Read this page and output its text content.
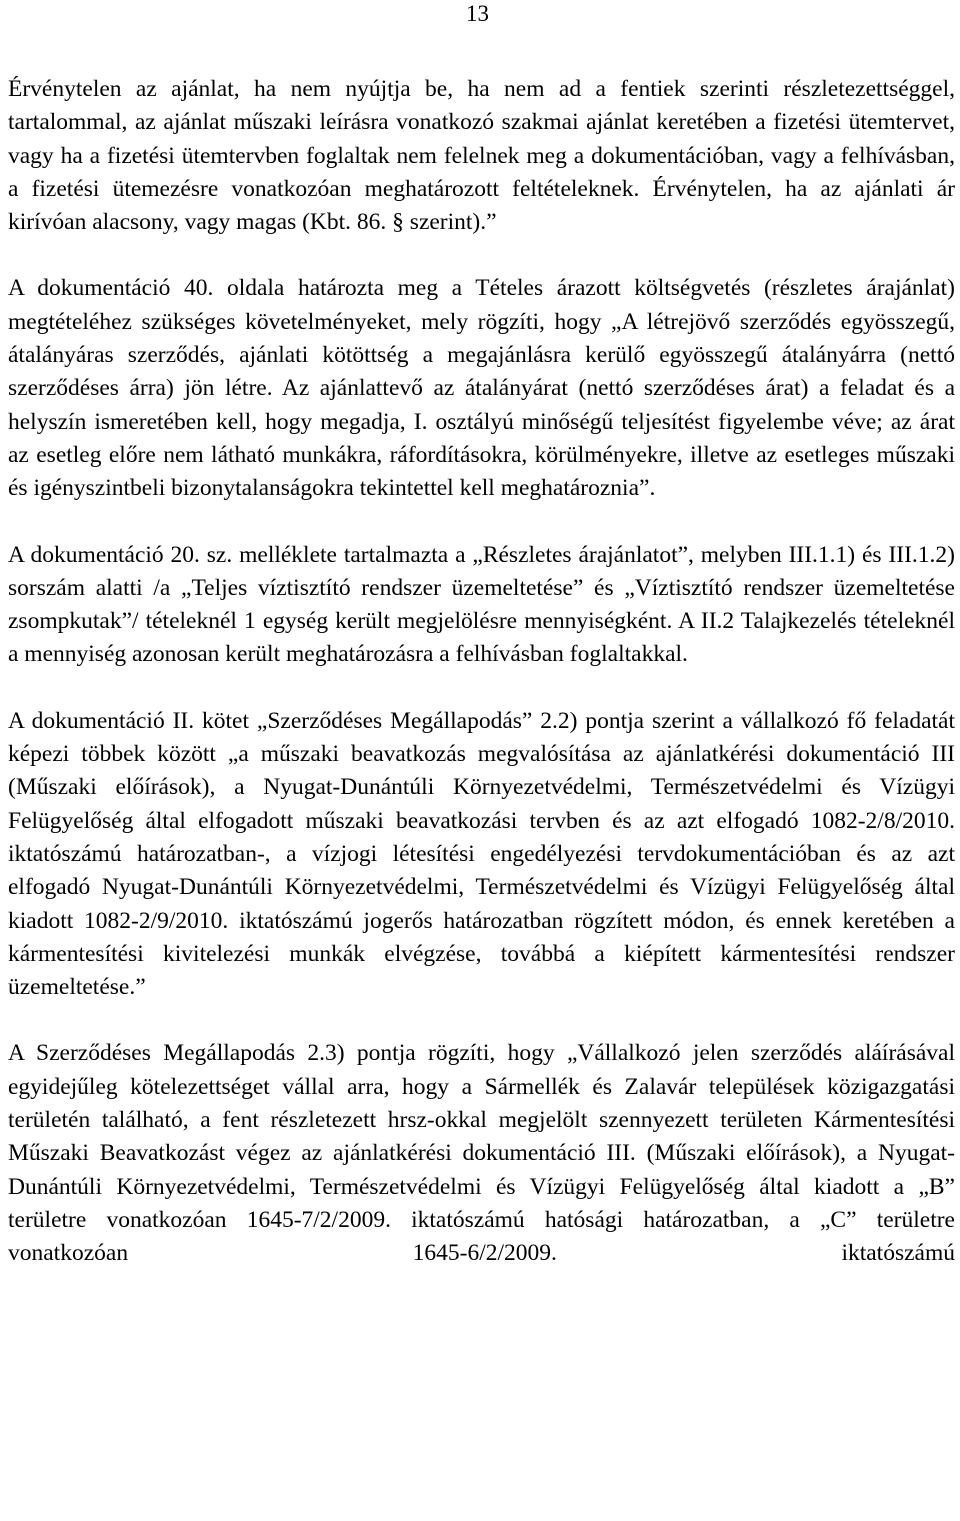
13

Érvénytelen az ajánlat, ha nem nyújtja be, ha nem ad a fentiek szerinti részletezettséggel, tartalommal, az ajánlat műszaki leírásra vonatkozó szakmai ajánlat keretében a fizetési ütemtervet, vagy ha a fizetési ütemtervben foglaltak nem felelnek meg a dokumentációban, vagy a felhívásban, a fizetési ütemezésre vonatkozóan meghatározott feltételeknek. Érvénytelen, ha az ajánlati ár kirívóan alacsony, vagy magas (Kbt. 86. § szerint).”

A dokumentáció 40. oldala határozta meg a Tételes árazott költségvetés (részletes árajánlat) megtételéhez szükséges követelményeket, mely rögzíti, hogy „A létrejövő szerződés egyösszegű, átalányáras szerződés, ajánlati kötöttség a megajánlásra kerülő egyösszegű átalányárra (nettó szerződéses árra) jön létre. Az ajánlattevő az átalányárat (nettó szerződéses árat) a feladat és a helyszín ismeretében kell, hogy megadja, I. osztályú minőségű teljesítést figyelembe véve; az árat az esetleg előre nem látható munkákra, ráfordításokra, körülményekre, illetve az esetleges műszaki és igényszintbeli bizonytalanságokra tekintettel kell meghatároznia”.

A dokumentáció 20. sz. melléklete tartalmazta a „Részletes árajánlatot”, melyben III.1.1) és III.1.2) sorszám alatti /a „Teljes víztisztító rendszer üzemeltetése” és „Víztisztító rendszer üzemeltetése zsompkutak”/ tételeknél 1 egység került megjelölésre mennyiségként. A II.2 Talajkezelés tételeknél a mennyiség azonosan került meghatározásra a felhívásban foglaltakkal.

A dokumentáció II. kötet „Szerződéses Megállapodás” 2.2) pontja szerint a vállalkozó fő feladatát képezi többek között „a műszaki beavatkozás megvalósítása az ajánlatkérési dokumentáció III (Műszaki előírások), a Nyugat-Dunántúli Környezetvédelmi, Természetvédelmi és Vízügyi Felügyelőség által elfogadott műszaki beavatkozási tervben és az azt elfogadó 1082-2/8/2010. iktatószámú határozatban-, a vízjogi létesítési engedélyezési tervdokumentációban és az azt elfogadó Nyugat-Dunántúli Környezetvédelmi, Természetvédelmi és Vízügyi Felügyelőség által kiadott 1082-2/9/2010. iktatószámú jogerős határozatban rögzített módon, és ennek keretében a kármentesítési kivitelezési munkák elvégzése, továbbá a kiépített kármentesítési rendszer üzemeltetése.”

A Szerződéses Megállapodás 2.3) pontja rögzíti, hogy „Vállalkozó jelen szerződés aláírásával egyidejűleg kötelezettséget vállal arra, hogy a Sármellék és Zalavár települések közigazgatási területén található, a fent részletezett hrsz-okkal megjelölt szennyezett területen Kármentesítési Műszaki Beavatkozást végez az ajánlatkérési dokumentáció III. (Műszaki előírások), a Nyugat-Dunántúli Környezetvédelmi, Természetvédelmi és Vízügyi Felügyelőség által kiadott a „B” területre vonatkozóan 1645-7/2/2009. iktatószámú hatósági határozatban, a „C” területre vonatkozóan 1645-6/2/2009. iktatószámú
